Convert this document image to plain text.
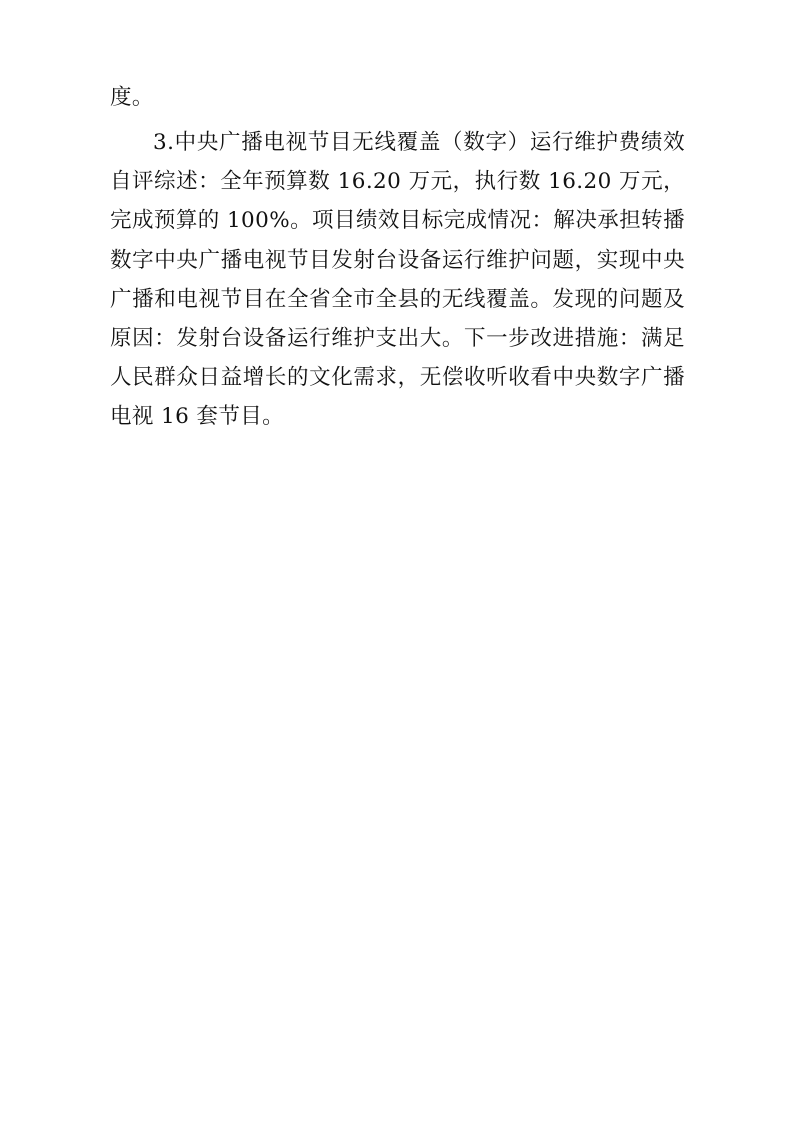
度。

3.中央广播电视节目无线覆盖（数字）运行维护费绩效自评综述：全年预算数 16.20 万元，执行数 16.20 万元，完成预算的 100%。项目绩效目标完成情况：解决承担转播数字中央广播电视节目发射台设备运行维护问题，实现中央广播和电视节目在全省全市全县的无线覆盖。发现的问题及原因：发射台设备运行维护支出大。下一步改进措施：满足人民群众日益增长的文化需求，无偿收听收看中央数字广播电视 16 套节目。
